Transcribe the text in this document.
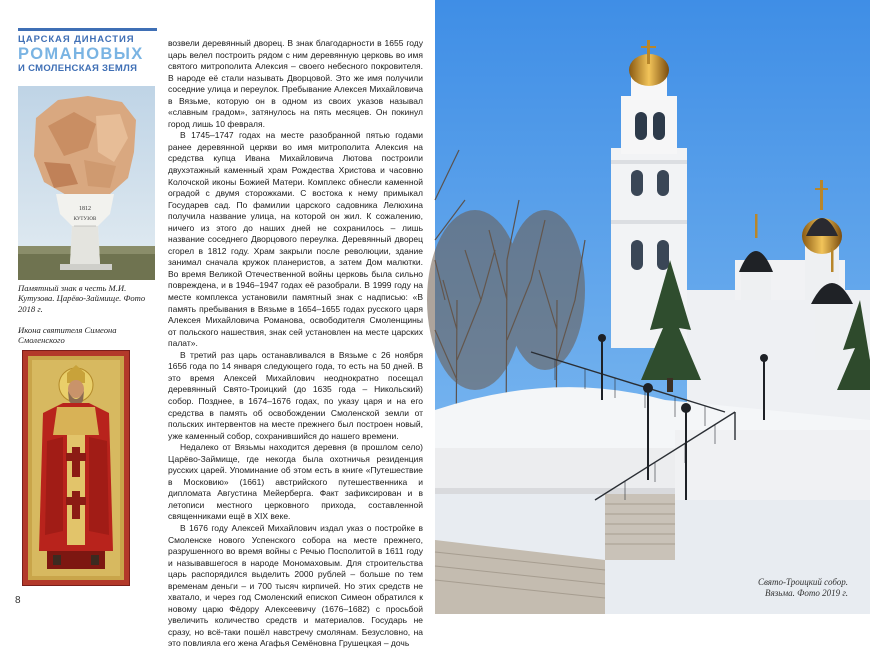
ЦАРСКАЯ ДИНАСТИЯ
РОМАНОВЫХ
И СМОЛЕНСКАЯ ЗЕМЛЯ
1812
КУТУЗОВ
Памятный знак в честь М.И. Кутузова. Царёво-Займище. Фото 2018 г.
Икона святителя Симеона Смоленского
8

возвели деревянный дворец. В знак благодарности в 1655 году царь велел построить рядом с ним деревянную церковь во имя святого митрополита Алексия – своего небесного покровителя. В народе её стали называть Дворцовой. Это же имя получили соседние улица и переулок. Пребывание Алексея Михайловича в Вязьме, которую он в одном из своих указов называл «славным градом», затянулось на пять месяцев. Он покинул город лишь 10 февраля.

В 1745–1747 годах на месте разобранной пятью годами ранее деревянной церкви во имя митрополита Алексия на средства купца Ивана Михайловича Лютова построили двухэтажный каменный храм Рождества Христова и часовню Колочской иконы Божией Матери. Комплекс обнесли каменной оградой с двумя сторожками. С востока к нему примыкал Государев сад. По фамилии царского садовника Лелюхина получила название улица, на которой он жил. К сожалению, ничего из этого до наших дней не сохранилось – лишь название соседнего Дворцового переулка. Деревянный дворец сгорел в 1812 году. Храм закрыли после революции, здание занимал сначала кружок планеристов, а затем Дом малютки. Во время Великой Отечественной войны церковь была сильно повреждена, и в 1946–1947 годах её разобрали. В 1999 году на месте комплекса установили памятный знак с надписью: «В память пребывания в Вязьме в 1654–1655 годах русского царя Алексея Михайловича Романова, освободителя Смоленщины от польского нашествия, знак сей установлен на месте царских палат».

В третий раз царь останавливался в Вязьме с 26 ноября 1656 года по 14 января следующего года, то есть на 50 дней. В это время Алексей Михайлович неоднократно посещал деревянный Свято-Троицкий (до 1635 года – Никольский) собор. Позднее, в 1674–1676 годах, по указу царя и на его средства в память об освобождении Смоленской земли от польских интервентов на месте прежнего был построен новый, уже каменный собор, сохранившийся до нашего времени.

Недалеко от Вязьмы находится деревня (в прошлом село) Царёво-Займище, где некогда была охотничья резиденция русских царей. Упоминание об этом есть в книге «Путешествие в Московию» (1661) австрийского путешественника и дипломата Августина Мейерберга. Факт зафиксирован и в летописи местного церковного прихода, составленной священниками ещё в XIX веке.

В 1676 году Алексей Михайлович издал указ о постройке в Смоленске нового Успенского собора на месте прежнего, разрушенного во время войны с Речью Посполитой в 1611 году и называвшегося в народе Мономаховым. Для строительства царь распорядился выделить 2000 рублей – больше по тем временам деньги – и 700 тысяч кирпичей. Но этих средств не хватало, и через год Смоленский епископ Симеон обратился к новому царю Фёдору Алексеевичу (1676–1682) с просьбой увеличить количество средств и материалов. Государь не сразу, но всё-таки пошёл навстречу смолянам. Безусловно, на это повлияла его жена Агафья Семёновна Грушецкая – дочь

Свято-Троицкий собор. Вязьма. Фото 2019 г.
